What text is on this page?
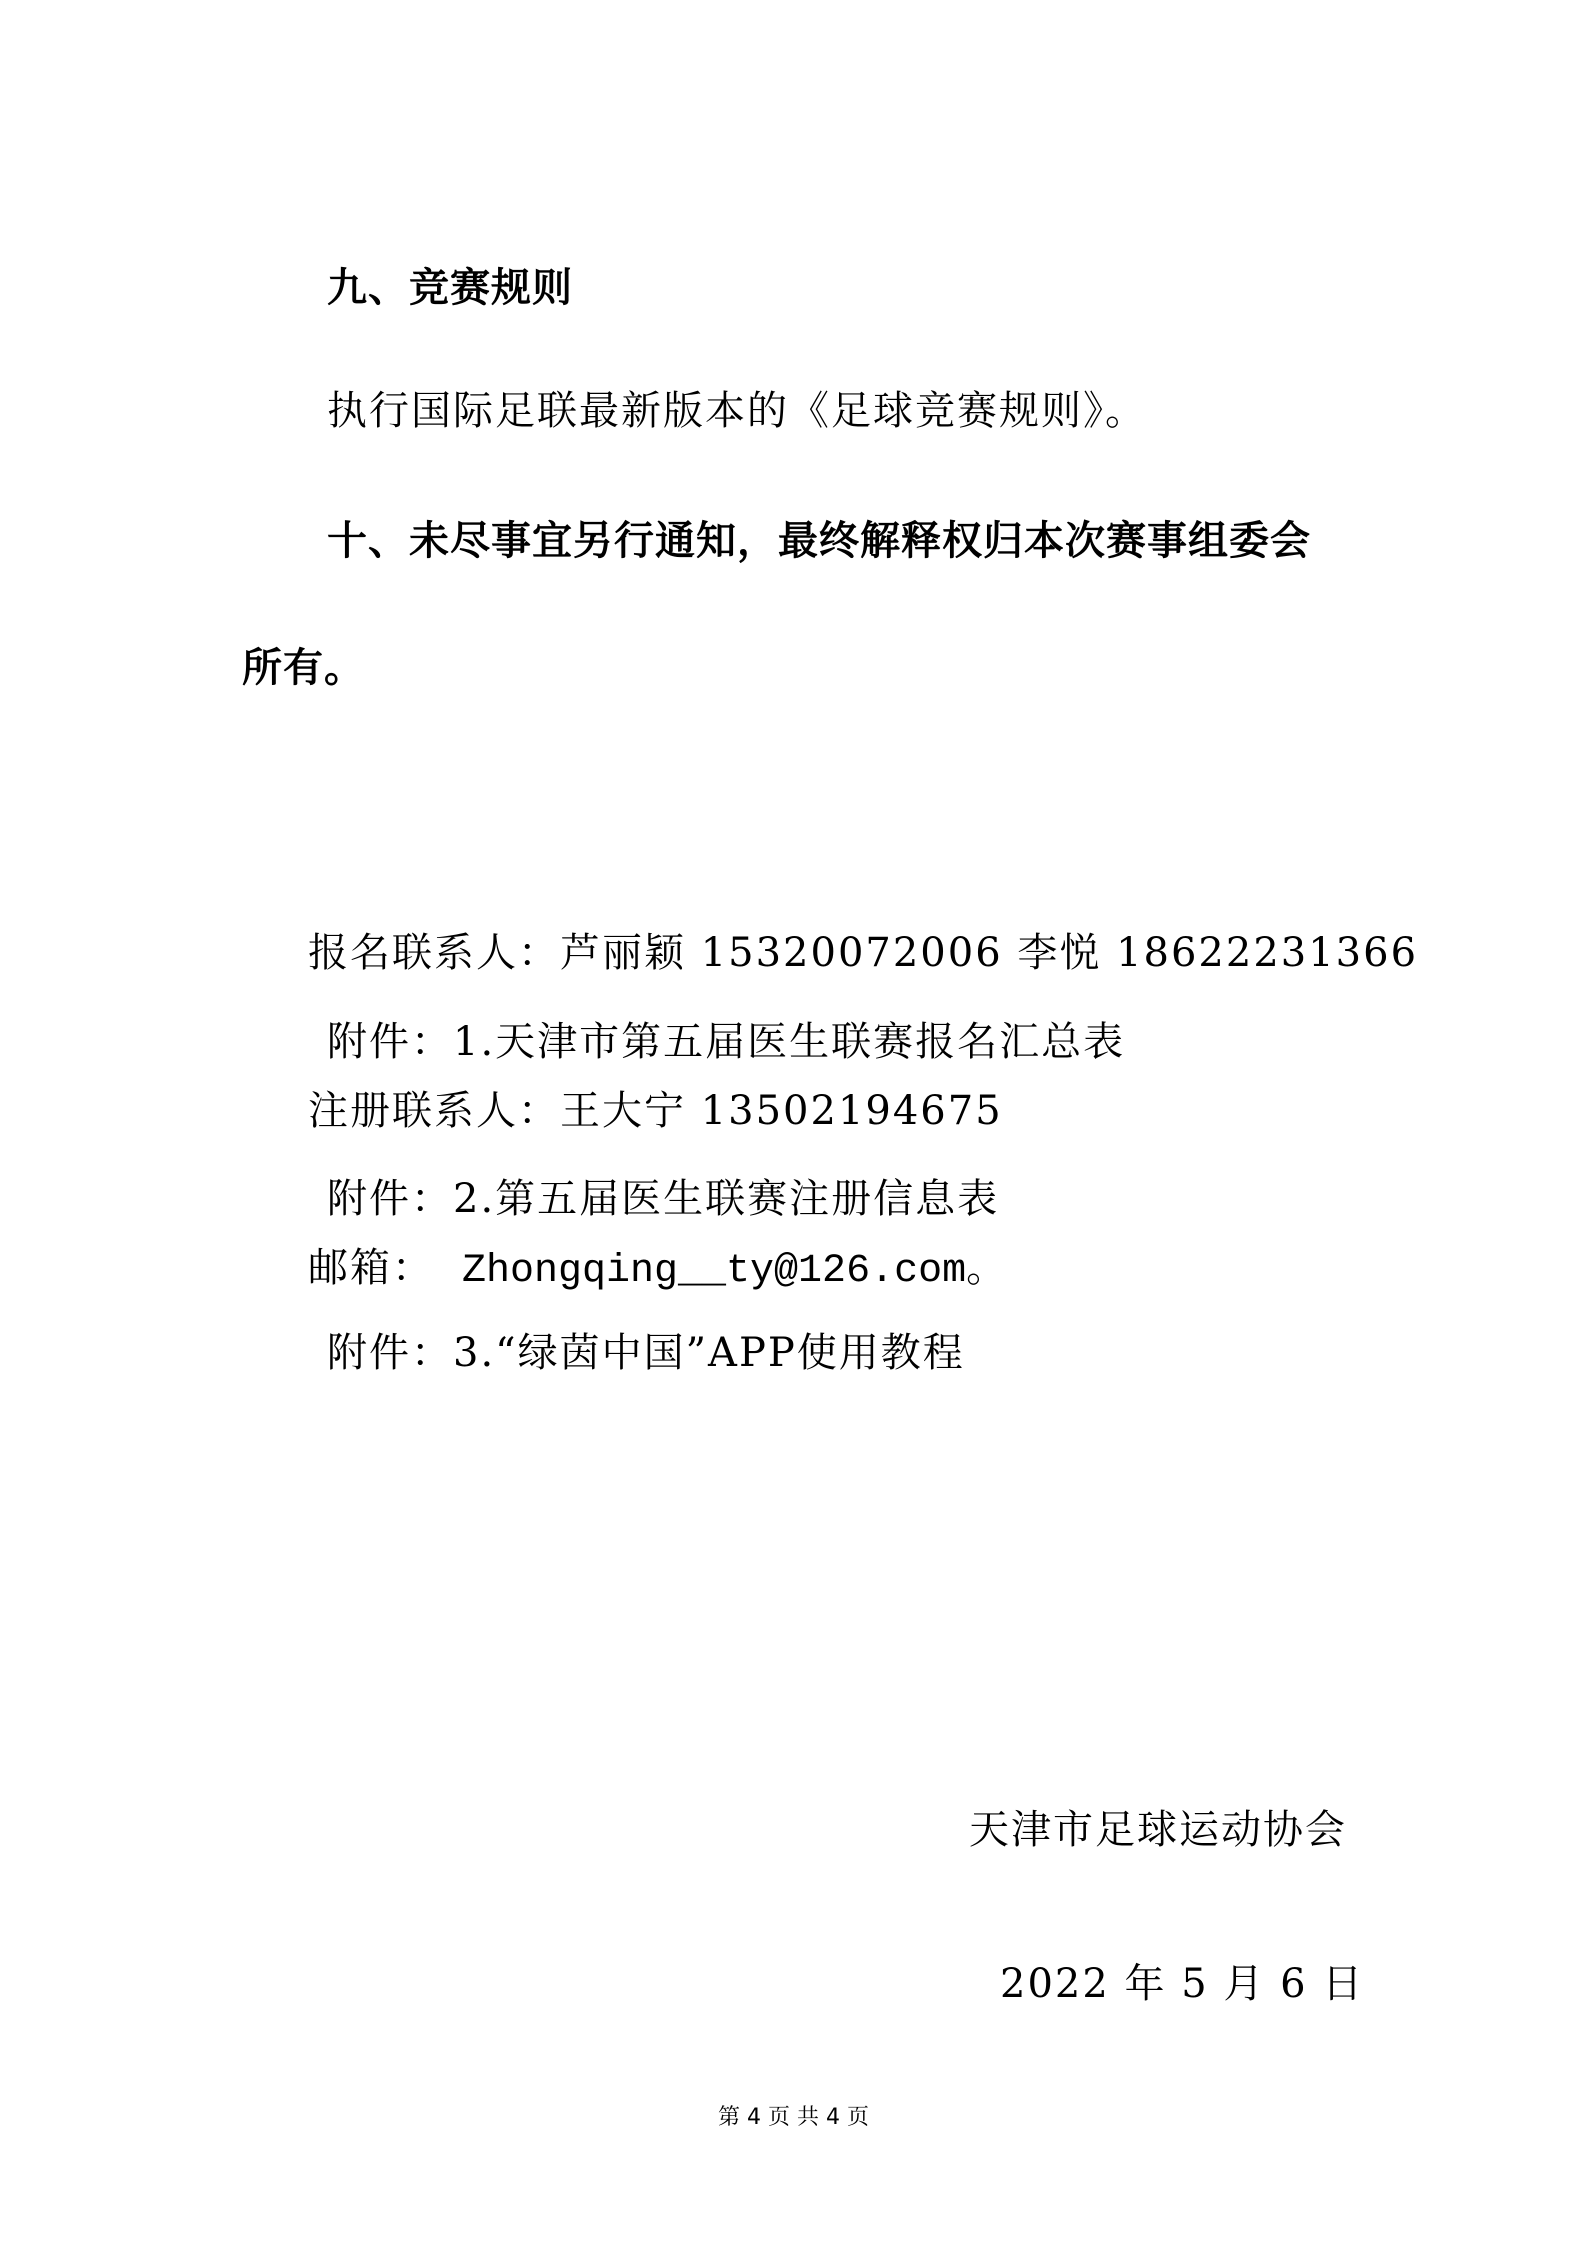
九、竞赛规则
执行国际足联最新版本的《足球竞赛规则》。
十、未尽事宜另行通知，最终解释权归本次赛事组委会
所有。
报名联系人：芦丽颖 15320072006 李悦 18622231366
注册联系人：王大宁 13502194675
邮箱： Zhongqing__ty@126.com。
附件：1.天津市第五届医生联赛报名汇总表
附件：2.第五届医生联赛注册信息表
附件：3.“绿茵中国”APP使用教程
天津市足球运动协会
2022 年 5 月 6 日
第 4 页 共 4 页
